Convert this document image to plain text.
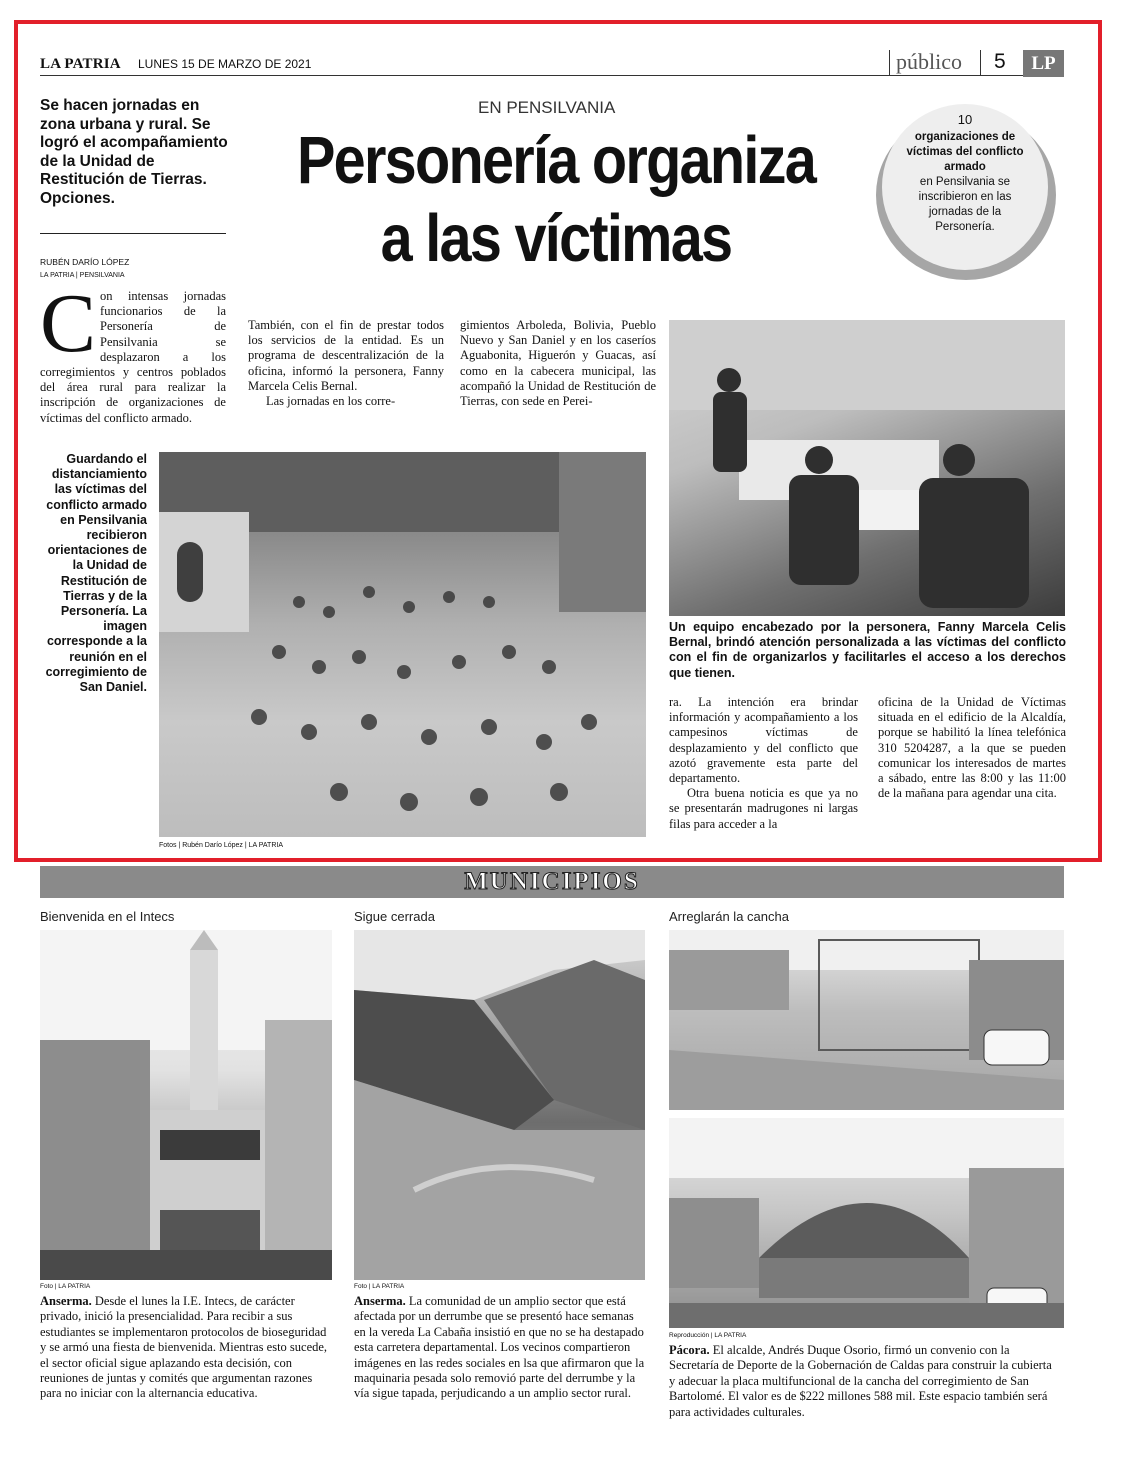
LA PATRIA LUNES 15 DE MARZO DE 2021	público 5	LP
Se hacen jornadas en zona urbana y rural. Se logró el acompañamiento de la Unidad de Restitución de Tierras. Opciones.
RUBÉN DARÍO LÓPEZ
LA PATRIA | PENSILVANIA
EN PENSILVANIA
Personería organiza
a las víctimas
10
organizaciones de víctimas del conflicto armado
en Pensilvania se inscribieron en las jornadas de la Personería.
Con intensas jornadas funcionarios de la Personería de Pensilvania se desplazaron a los corregimientos y centros poblados del área rural para realizar la inscripción de organizaciones de víctimas del conflicto armado.

También, con el fin de prestar todos los servicios de la entidad. Es un programa de descentralización de la oficina, informó la personera, Fanny Marcela Celis Bernal.

Las jornadas en los corre-

gimientos Arboleda, Bolivia, Pueblo Nuevo y San Daniel y en los caseríos Aguabonita, Higuerón y Guacas, así como en la cabecera municipal, las acompañó la Unidad de Restitución de Tierras, con sede en Perei-

Guardando el distanciamiento las víctimas del conflicto armado en Pensilvania recibieron orientaciones de la Unidad de Restitución de Tierras y de la Personería. La imagen corresponde a la reunión en el corregimiento de San Daniel.
Fotos | Rubén Darío López | LA PATRIA
Un equipo encabezado por la personera, Fanny Marcela Celis Bernal, brindó atención personalizada a las víctimas del conflicto con el fin de organizarlos y facilitarles el acceso a los derechos que tienen.

ra. La intención era brindar información y acompañamiento a los campesinos víctimas de desplazamiento y del conflicto que azotó gravemente esta parte del departamento.

Otra buena noticia es que ya no se presentarán madrugones ni largas filas para acceder a la

oficina de la Unidad de Víctimas situada en el edificio de la Alcaldía, porque se habilitó la línea telefónica 310 5204287, a la que se pueden comunicar los interesados de martes a sábado, entre las 8:00 y las 11:00 de la mañana para agendar una cita.

MUNICIPIOS
Bienvenida en el Intecs
Foto | LA PATRIA
Anserma. Desde el lunes la I.E. Intecs, de carácter privado, inició la presencialidad. Para recibir a sus estudiantes se implementaron protocolos de bioseguridad y se armó una fiesta de bienvenida. Mientras esto sucede, el sector oficial sigue aplazando esta decisión, con reuniones de juntas y comités que argumentan razones para no iniciar con la alternancia educativa.
Sigue cerrada
Foto | LA PATRIA
Anserma. La comunidad de un amplio sector que está afectada por un derrumbe que se presentó hace semanas en la vereda La Cabaña insistió en que no se ha destapado esta carretera departamental. Los vecinos compartieron imágenes en las redes sociales en lsa que afirmaron que la maquinaria pesada solo removió parte del derrumbe y la vía sigue tapada, perjudicando a un amplio sector rural.
Arreglarán la cancha
Reproducción | LA PATRIA
Pácora. El alcalde, Andrés Duque Osorio, firmó un convenio con la Secretaría de Deporte de la Gobernación de Caldas para construir la cubierta y adecuar la placa multifuncional de la cancha del corregimiento de San Bartolomé. El valor es de $222 millones 588 mil. Este espacio también será para actividades culturales.
